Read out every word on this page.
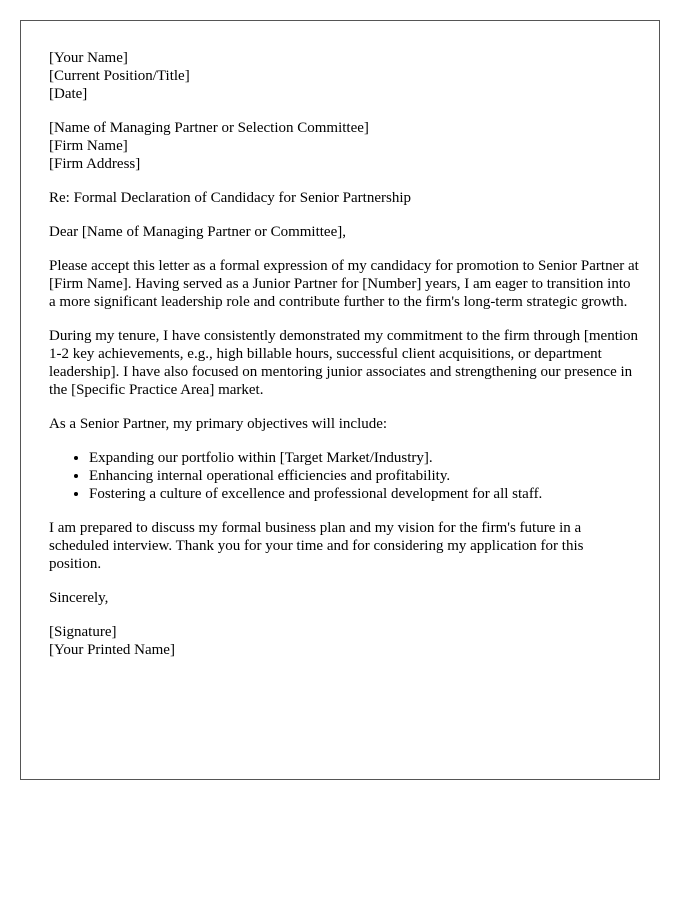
[Your Name]
[Current Position/Title]
[Date]
[Name of Managing Partner or Selection Committee]
[Firm Name]
[Firm Address]

Re: Formal Declaration of Candidacy for Senior Partnership

Dear [Name of Managing Partner or Committee],

Please accept this letter as a formal expression of my candidacy for promotion to Senior Partner at [Firm Name]. Having served as a Junior Partner for [Number] years, I am eager to transition into a more significant leadership role and contribute further to the firm's long-term strategic growth.

During my tenure, I have consistently demonstrated my commitment to the firm through [mention 1-2 key achievements, e.g., high billable hours, successful client acquisitions, or department leadership]. I have also focused on mentoring junior associates and strengthening our presence in the [Specific Practice Area] market.

As a Senior Partner, my primary objectives will include:

• Expanding our portfolio within [Target Market/Industry].
• Enhancing internal operational efficiencies and profitability.
• Fostering a culture of excellence and professional development for all staff.

I am prepared to discuss my formal business plan and my vision for the firm's future in a scheduled interview. Thank you for your time and for considering my application for this position.

Sincerely,

[Signature]
[Your Printed Name]
